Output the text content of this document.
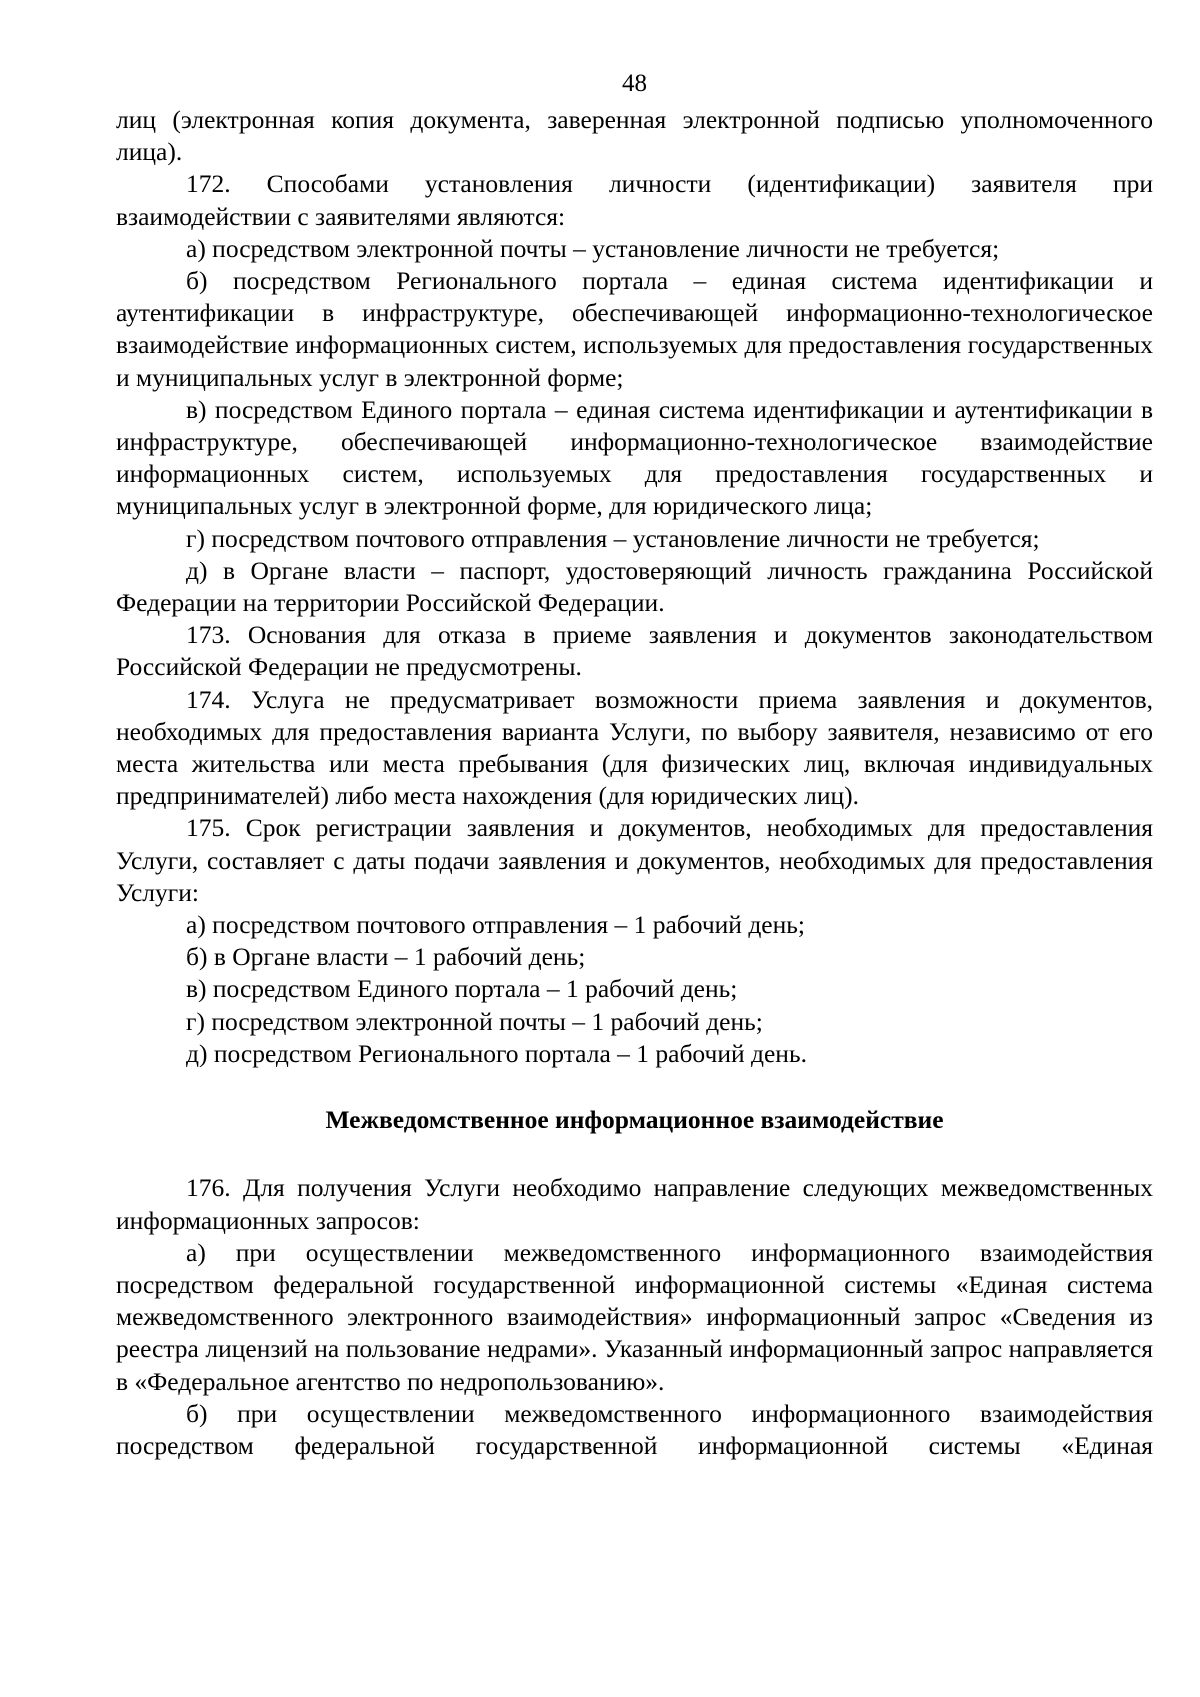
48

лиц (электронная копия документа, заверенная электронной подписью уполномоченного лица).

172. Способами установления личности (идентификации) заявителя при взаимодействии с заявителями являются:

а) посредством электронной почты – установление личности не требуется;

б) посредством Регионального портала – единая система идентификации и аутентификации в инфраструктуре, обеспечивающей информационно-технологическое взаимодействие информационных систем, используемых для предоставления государственных и муниципальных услуг в электронной форме;

в) посредством Единого портала – единая система идентификации и аутентификации в инфраструктуре, обеспечивающей информационно-технологическое взаимодействие информационных систем, используемых для предоставления государственных и муниципальных услуг в электронной форме, для юридического лица;

г) посредством почтового отправления – установление личности не требуется;

д) в Органе власти – паспорт, удостоверяющий личность гражданина Российской Федерации на территории Российской Федерации.

173. Основания для отказа в приеме заявления и документов законодательством Российской Федерации не предусмотрены.

174. Услуга не предусматривает возможности приема заявления и документов, необходимых для предоставления варианта Услуги, по выбору заявителя, независимо от его места жительства или места пребывания (для физических лиц, включая индивидуальных предпринимателей) либо места нахождения (для юридических лиц).

175. Срок регистрации заявления и документов, необходимых для предоставления Услуги, составляет с даты подачи заявления и документов, необходимых для предоставления Услуги:

а) посредством почтового отправления – 1 рабочий день;

б) в Органе власти – 1 рабочий день;

в) посредством Единого портала – 1 рабочий день;

г) посредством электронной почты – 1 рабочий день;

д) посредством Регионального портала – 1 рабочий день.

Межведомственное информационное взаимодействие

176. Для получения Услуги необходимо направление следующих межведомственных информационных запросов:

а) при осуществлении межведомственного информационного взаимодействия посредством федеральной государственной информационной системы «Единая система межведомственного электронного взаимодействия» информационный запрос «Сведения из реестра лицензий на пользование недрами». Указанный информационный запрос направляется в «Федеральное агентство по недропользованию».

б) при осуществлении межведомственного информационного взаимодействия посредством федеральной государственной информационной системы «Единая
